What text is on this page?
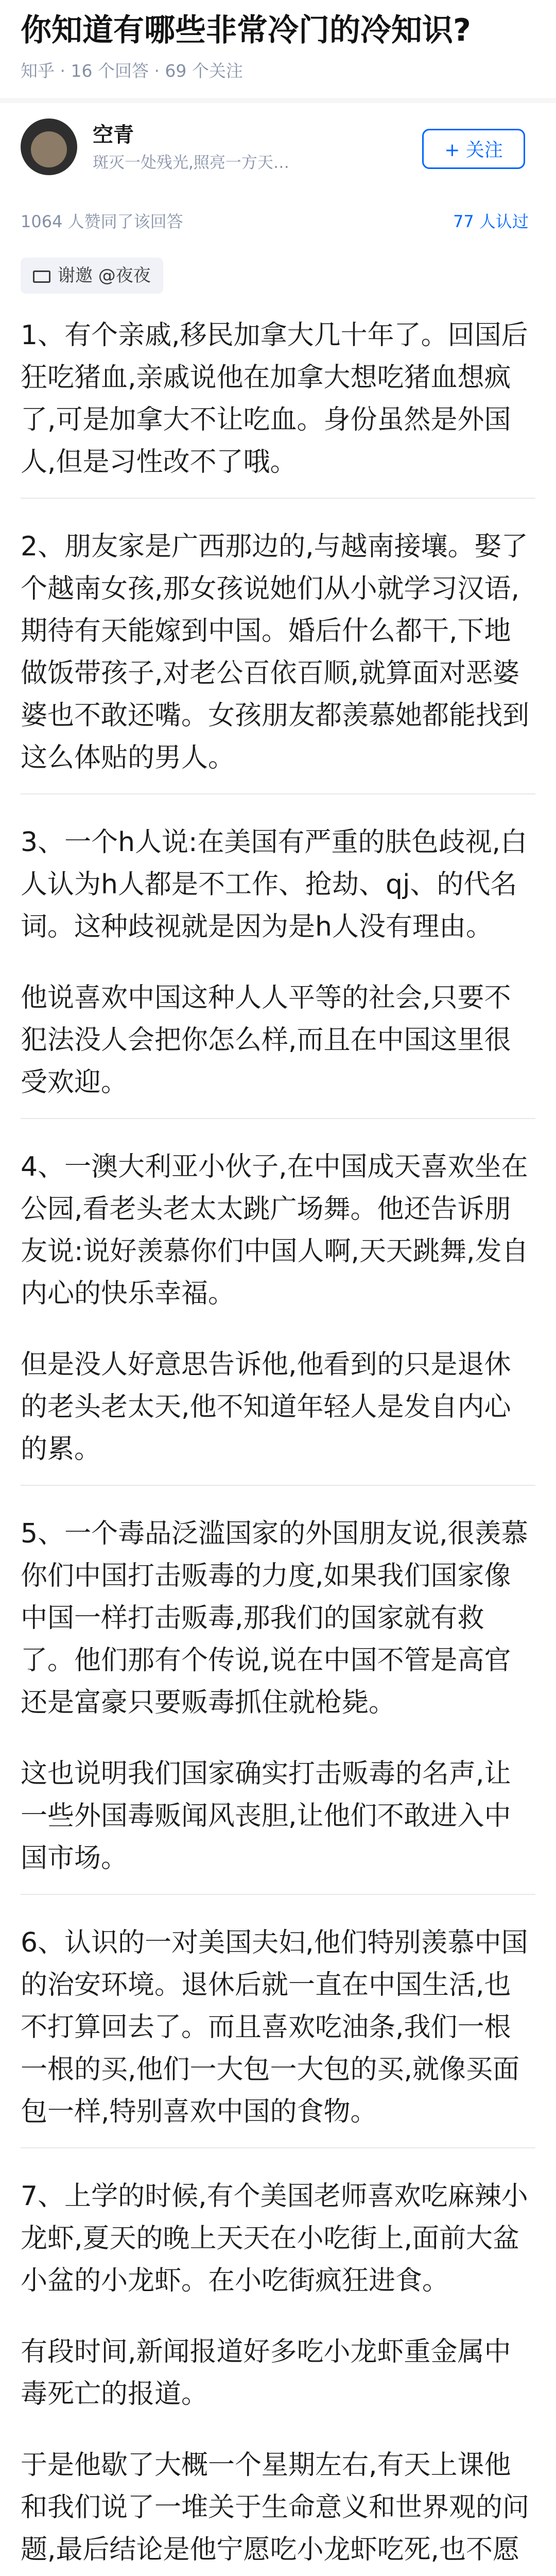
你知道有哪些非常冷门的冷知识?
知乎 · 16 个回答 · 69 个关注
空青
斑灭一处残光,照亮一方天…
+ 关注
1064 人赞同了该回答	77 人认过
谢邀 @夜夜

1、有个亲戚,移民加拿大几十年了。回国后狂吃猪血,亲戚说他在加拿大想吃猪血想疯了,可是加拿大不让吃血。身份虽然是外国人,但是习性改不了哦。

2、朋友家是广西那边的,与越南接壤。娶了个越南女孩,那女孩说她们从小就学习汉语,期待有天能嫁到中国。婚后什么都干,下地做饭带孩子,对老公百依百顺,就算面对恶婆婆也不敢还嘴。女孩朋友都羡慕她都能找到这么体贴的男人。

3、一个h人说:在美国有严重的肤色歧视,白人认为h人都是不工作、抢劫、qj、的代名词。这种歧视就是因为是h人没有理由。

他说喜欢中国这种人人平等的社会,只要不犯法没人会把你怎么样,而且在中国这里很受欢迎。

4、一澳大利亚小伙子,在中国成天喜欢坐在公园,看老头老太太跳广场舞。他还告诉朋友说:说好羡慕你们中国人啊,天天跳舞,发自内心的快乐幸福。

但是没人好意思告诉他,他看到的只是退休的老头老太天,他不知道年轻人是发自内心的累。

5、一个毒品泛滥国家的外国朋友说,很羡慕你们中国打击贩毒的力度,如果我们国家像中国一样打击贩毒,那我们的国家就有救了。他们那有个传说,说在中国不管是高官还是富豪只要贩毒抓住就枪毙。

这也说明我们国家确实打击贩毒的名声,让一些外国毒贩闻风丧胆,让他们不敢进入中国市场。

6、认识的一对美国夫妇,他们特别羡慕中国的治安环境。退休后就一直在中国生活,也不打算回去了。而且喜欢吃油条,我们一根一根的买,他们一大包一大包的买,就像买面包一样,特别喜欢中国的食物。

7、上学的时候,有个美国老师喜欢吃麻辣小龙虾,夏天的晚上天天在小吃街上,面前大盆小盆的小龙虾。在小吃街疯狂进食。

有段时间,新闻报道好多吃小龙虾重金属中毒死亡的报道。

于是他歇了大概一个星期左右,有天上课他和我们说了一堆关于生命意义和世界观的问题,最后结论是他宁愿吃小龙虾吃死,也不愿
